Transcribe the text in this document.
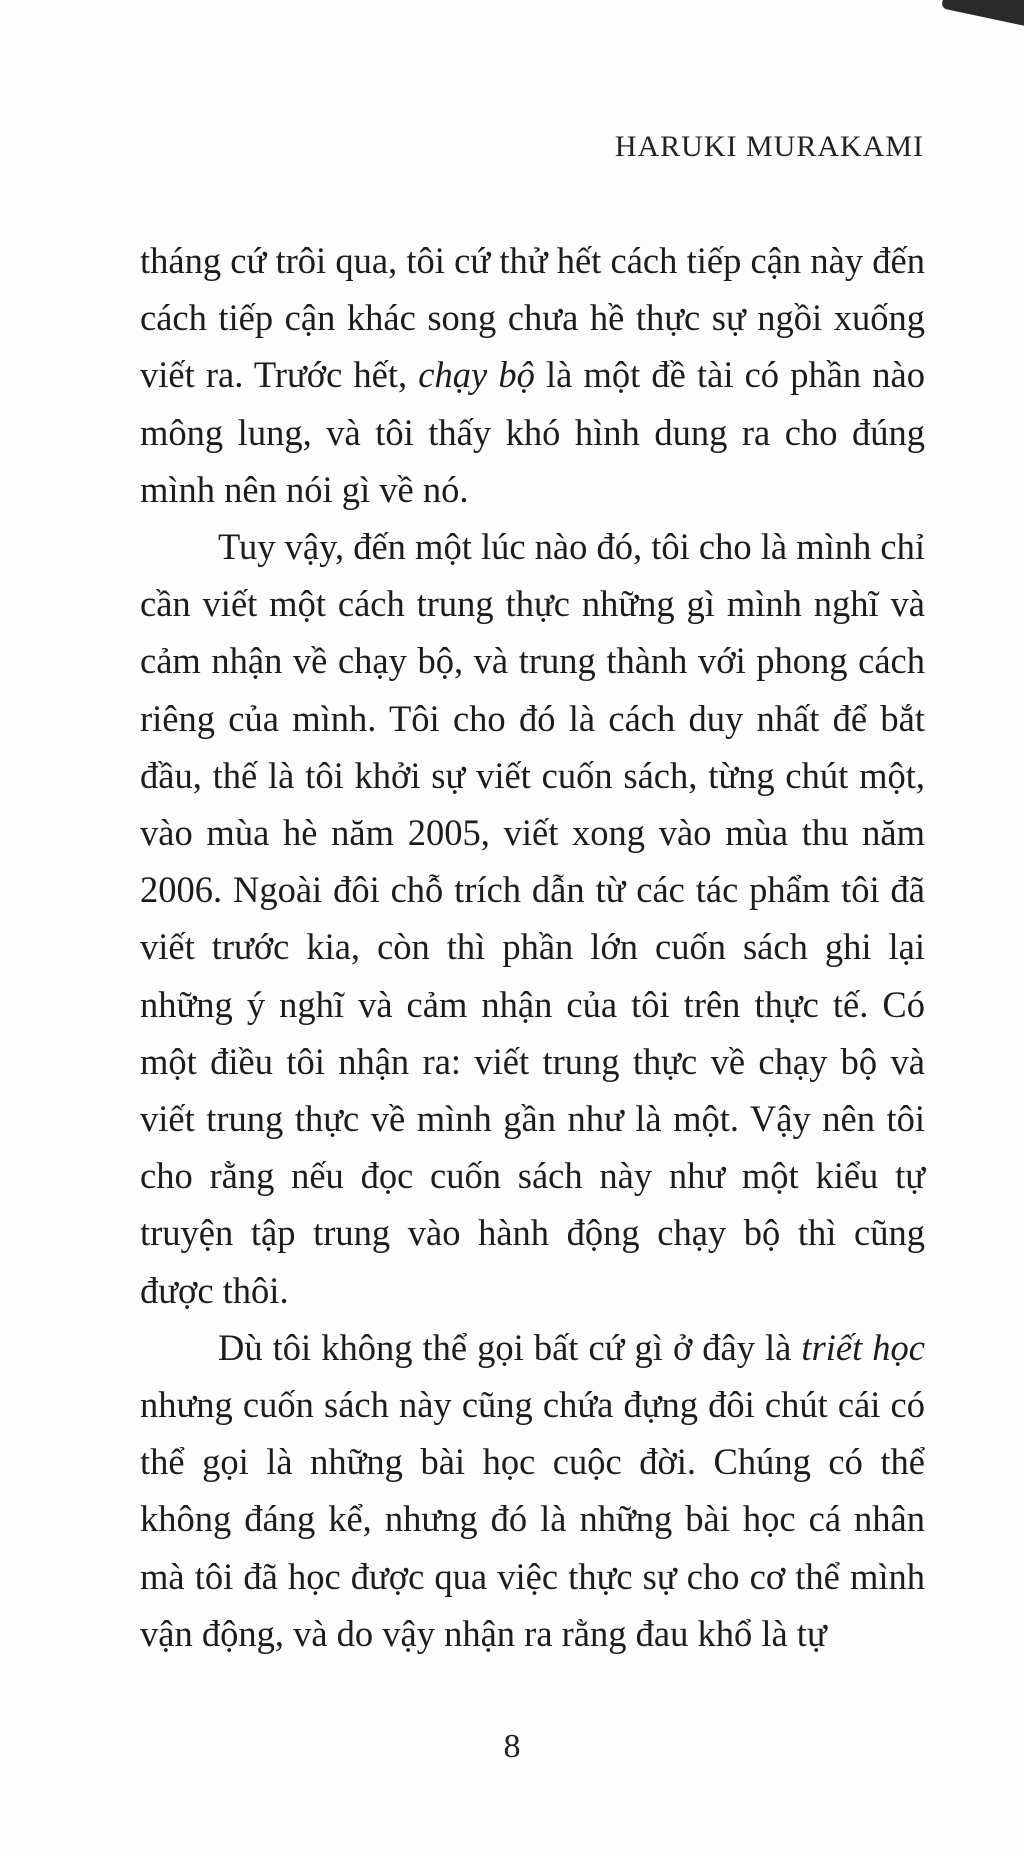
HARUKI MURAKAMI
tháng cứ trôi qua, tôi cứ thử hết cách tiếp cận này đến
cách tiếp cận khác song chưa hề thực sự ngồi xuống
viết ra. Trước hết, chạy bộ là một đề tài có phần nào
mông lung, và tôi thấy khó hình dung ra cho đúng
mình nên nói gì về nó.
Tuy vậy, đến một lúc nào đó, tôi cho là mình chỉ
cần viết một cách trung thực những gì mình nghĩ và
cảm nhận về chạy bộ, và trung thành với phong cách
riêng của mình. Tôi cho đó là cách duy nhất để bắt
đầu, thế là tôi khởi sự viết cuốn sách, từng chút một,
vào mùa hè năm 2005, viết xong vào mùa thu năm
2006. Ngoài đôi chỗ trích dẫn từ các tác phẩm tôi đã
viết trước kia, còn thì phần lớn cuốn sách ghi lại
những ý nghĩ và cảm nhận của tôi trên thực tế. Có
một điều tôi nhận ra: viết trung thực về chạy bộ và
viết trung thực về mình gần như là một. Vậy nên tôi
cho rằng nếu đọc cuốn sách này như một kiểu tự
truyện tập trung vào hành động chạy bộ thì cũng
được thôi.
Dù tôi không thể gọi bất cứ gì ở đây là triết học
nhưng cuốn sách này cũng chứa đựng đôi chút cái có
thể gọi là những bài học cuộc đời. Chúng có thể
không đáng kể, nhưng đó là những bài học cá nhân
mà tôi đã học được qua việc thực sự cho cơ thể mình
vận động, và do vậy nhận ra rằng đau khổ là tự
8
